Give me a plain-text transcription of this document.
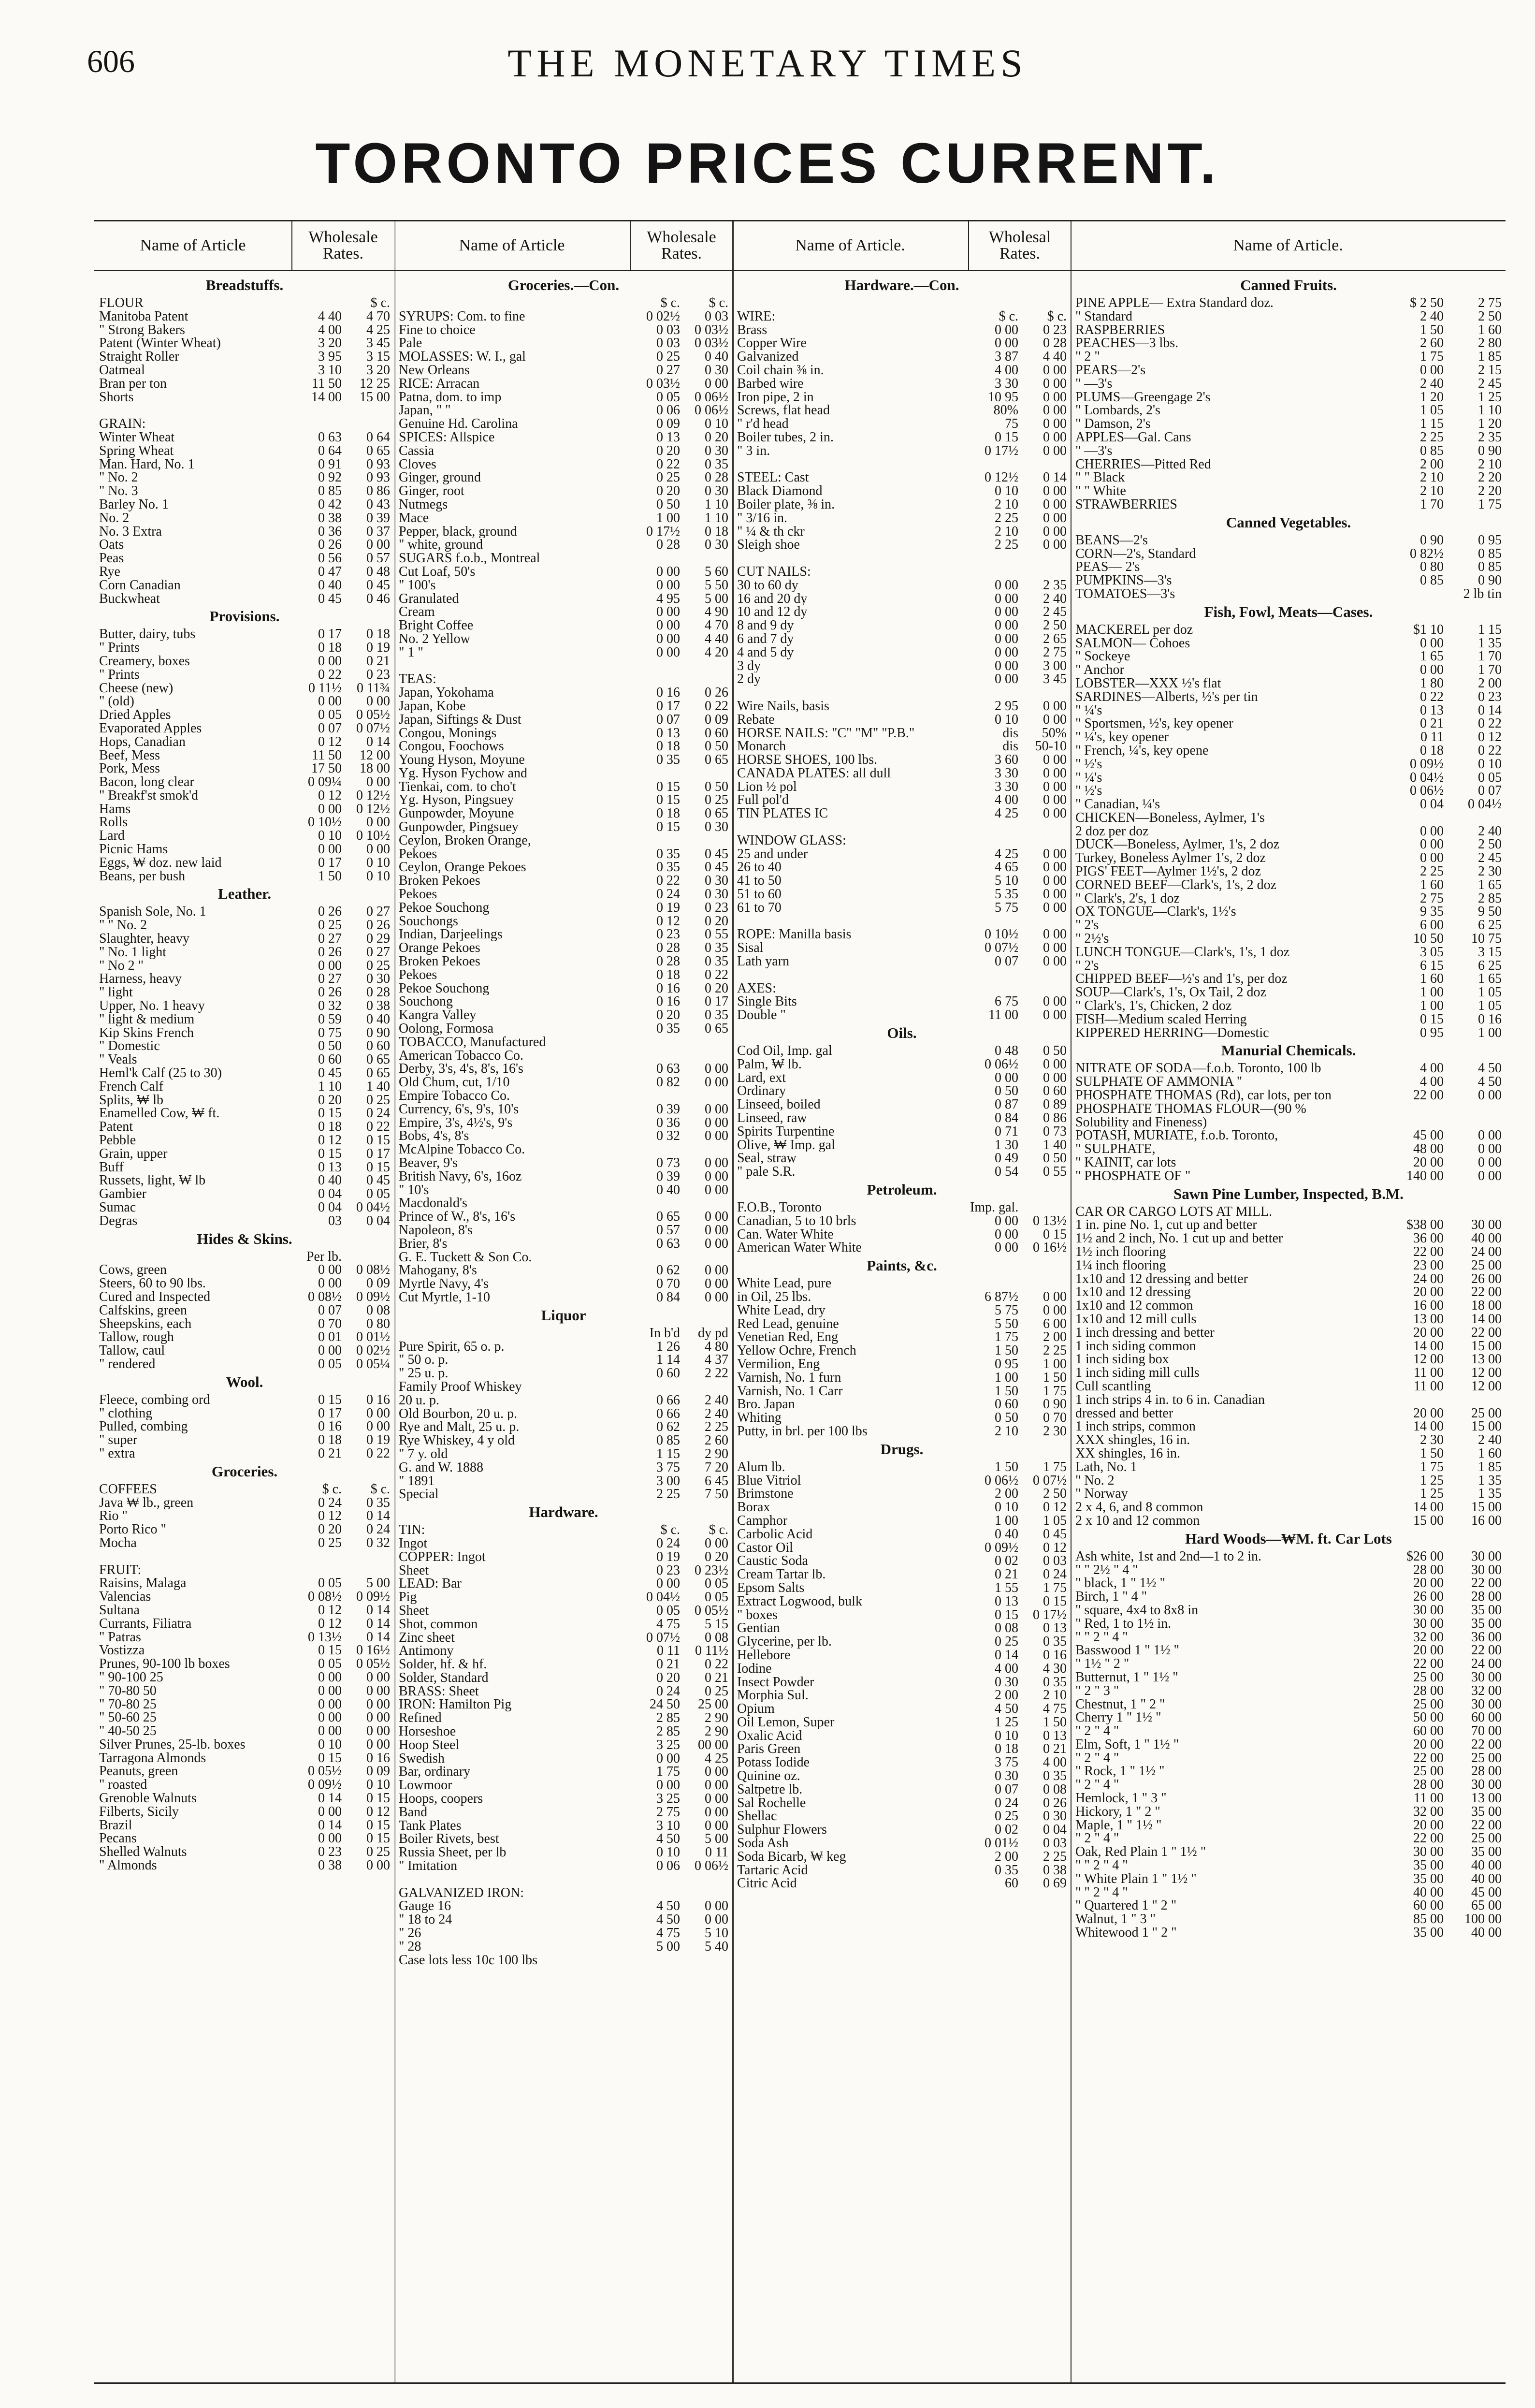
606	THE MONETARY TIMES
TORONTO PRICES CURRENT.
Name of Article	Wholesale Rates.
Breadstuffs.
FLOUR	$ c.
Manitoba Patent	4 40	4 70
" Strong Bakers	4 00	4 25
Patent (Winter Wheat)	3 20	3 45
Straight Roller	3 95	3 15
Oatmeal	3 10	3 20
Bran per ton	11 50	12 25
Shorts	14 00	15 00
GRAIN:
Winter Wheat	0 63	0 64
Spring Wheat	0 64	0 65
Man. Hard, No. 1	0 91	0 93
" No. 2	0 92	0 93
" No. 3	0 85	0 86
Barley No. 1	0 42	0 43
No. 2	0 38	0 39
No. 3 Extra	0 36	0 37
Oats	0 26	0 00
Peas	0 56	0 57
Rye	0 47	0 48
Corn Canadian	0 40	0 45
Buckwheat	0 45	0 46
Provisions.
Butter, dairy, tubs	0 17	0 18
" Prints	0 18	0 19
Creamery, boxes	0 00	0 21
" Prints	0 22	0 23
Cheese (new)	0 11½	0 11¾
" (old)	0 00	0 00
Dried Apples	0 05	0 05½
Evaporated Apples	0 07	0 07½
Hops, Canadian	0 12	0 14
Beef, Mess	11 50	12 00
Pork, Mess	17 50	18 00
Bacon, long clear	0 09¼	0 00
" Breakf'st smok'd	0 12	0 12½
Hams	0 00	0 12½
Rolls	0 10½	0 00
Lard	0 10	0 10½
Picnic Hams	0 00	0 00
Eggs, ₩ doz. new laid	0 17	0 10
Beans, per bush	1 50	0 10
Leather.
Spanish Sole, No. 1	0 26	0 27
" " No. 2	0 25	0 26
Slaughter, heavy	0 27	0 29
" No. 1 light	0 26	0 27
" No 2 "	0 00	0 25
Harness, heavy	0 27	0 30
" light	0 26	0 28
Upper, No. 1 heavy	0 32	0 38
" light & medium	0 59	0 40
Kip Skins French	0 75	0 90
" Domestic	0 50	0 60
" Veals	0 60	0 65
Heml'k Calf (25 to 30)	0 45	0 65
French Calf	1 10	1 40
Splits, ₩ lb	0 20	0 25
Enamelled Cow, ₩ ft.	0 15	0 24
Patent	0 18	0 22
Pebble	0 12	0 15
Grain, upper	0 15	0 17
Buff	0 13	0 15
Russets, light, ₩ lb	0 40	0 45
Gambier	0 04	0 05
Sumac	0 04	0 04½
Degras	03	0 04
Hides & Skins.
Per lb.
Cows, green	0 00	0 08½
Steers, 60 to 90 lbs.	0 00	0 09
Cured and Inspected	0 08½	0 09½
Calfskins, green	0 07	0 08
Sheepskins, each	0 70	0 80
Tallow, rough	0 01	0 01½
Tallow, caul	0 00	0 02½
" rendered	0 05	0 05¼
Wool.
Fleece, combing ord	0 15	0 16
" clothing	0 17	0 00
Pulled, combing	0 16	0 00
" super	0 18	0 19
" extra	0 21	0 22
Groceries.
COFFEES	$ c.	$ c.
Java ₩ lb., green	0 24	0 35
Rio "	0 12	0 14
Porto Rico "	0 20	0 24
Mocha	0 25	0 32
FRUIT:
Raisins, Malaga	0 05	5 00
Valencias	0 08½	0 09½
Sultana	0 12	0 14
Currants, Filiatra	0 12	0 14
" Patras	0 13½	0 14
Vostizza	0 15	0 16½
Prunes, 90-100 lb boxes	0 05	0 05½
" 90-100 25	0 00	0 00
" 70-80 50	0 00	0 00
" 70-80 25	0 00	0 00
" 50-60 25	0 00	0 00
" 40-50 25	0 00	0 00
Silver Prunes, 25-lb. boxes	0 10	0 00
Tarragona Almonds	0 15	0 16
Peanuts, green	0 05½	0 09
" roasted	0 09½	0 10
Grenoble Walnuts	0 14	0 15
Filberts, Sicily	0 00	0 12
Brazil	0 14	0 15
Pecans	0 00	0 15
Shelled Walnuts	0 23	0 25
" Almonds	0 38	0 00
Name of Article	Wholesale Rates.
Groceries.—Con.
$ c.	$ c.
SYRUPS: Com. to fine	0 02½	0 03
Fine to choice	0 03	0 03½
Pale	0 03	0 03½
MOLASSES: W. I., gal	0 25	0 40
New Orleans	0 27	0 30
RICE: Arracan	0 03½	0 00
Patna, dom. to imp	0 05	0 06½
Japan, " "	0 06	0 06½
Genuine Hd. Carolina	0 09	0 10
SPICES: Allspice	0 13	0 20
Cassia	0 20	0 30
Cloves	0 22	0 35
Ginger, ground	0 25	0 28
Ginger, root	0 20	0 30
Nutmegs	0 50	1 10
Mace	1 00	1 10
Pepper, black, ground	0 17½	0 18
" white, ground	0 28	0 30
SUGARS f.o.b., Montreal
Cut Loaf, 50's	0 00	5 60
" 100's	0 00	5 50
Granulated	4 95	5 00
Cream	0 00	4 90
Bright Coffee	0 00	4 70
No. 2 Yellow	0 00	4 40
" 1 "	0 00	4 20
TEAS:
Japan, Yokohama	0 16	0 26
Japan, Kobe	0 17	0 22
Japan, Siftings & Dust	0 07	0 09
Congou, Monings	0 13	0 60
Congou, Foochows	0 18	0 50
Young Hyson, Moyune	0 35	0 65
Yg. Hyson Fychow and
Tienkai, com. to cho't	0 15	0 50
Yg. Hyson, Pingsuey	0 15	0 25
Gunpowder, Moyune	0 18	0 65
Gunpowder, Pingsuey	0 15	0 30
Ceylon, Broken Orange,
Pekoes	0 35	0 45
Ceylon, Orange Pekoes	0 35	0 45
Broken Pekoes	0 22	0 30
Pekoes	0 24	0 30
Pekoe Souchong	0 19	0 23
Souchongs	0 12	0 20
Indian, Darjeelings	0 23	0 55
Orange Pekoes	0 28	0 35
Broken Pekoes	0 28	0 35
Pekoes	0 18	0 22
Pekoe Souchong	0 16	0 20
Souchong	0 16	0 17
Kangra Valley	0 20	0 35
Oolong, Formosa	0 35	0 65
TOBACCO, Manufactured
American Tobacco Co.
Derby, 3's, 4's, 8's, 16's	0 63	0 00
Old Chum, cut, 1/10	0 82	0 00
Empire Tobacco Co.
Currency, 6's, 9's, 10's	0 39	0 00
Empire, 3's, 4½'s, 9's	0 36	0 00
Bobs, 4's, 8's	0 32	0 00
McAlpine Tobacco Co.
Beaver, 9's	0 73	0 00
British Navy, 6's, 16oz	0 39	0 00
" 10's	0 40	0 00
Macdonald's
Prince of W., 8's, 16's	0 65	0 00
Napoleon, 8's	0 57	0 00
Brier, 8's	0 63	0 00
G. E. Tuckett & Son Co.
Mahogany, 8's	0 62	0 00
Myrtle Navy, 4's	0 70	0 00
Cut Myrtle, 1-10	0 84	0 00
Liquor
In b'd	dy pd
Pure Spirit, 65 o. p.	1 26	4 80
" 50 o. p.	1 14	4 37
" 25 u. p.	0 60	2 22
Family Proof Whiskey
20 u. p.	0 66	2 40
Old Bourbon, 20 u. p.	0 66	2 40
Rye and Malt, 25 u. p.	0 62	2 25
Rye Whiskey, 4 y old	0 85	2 60
" 7 y. old	1 15	2 90
G. and W. 1888	3 75	7 20
" 1891	3 00	6 45
Special	2 25	7 50
Hardware.
TIN:	$ c.	$ c.
Ingot	0 24	0 00
COPPER: Ingot	0 19	0 20
Sheet	0 23	0 23½
LEAD: Bar	0 00	0 05
Pig	0 04½	0 05
Sheet	0 05	0 05½
Shot, common	4 75	5 15
Zinc sheet	0 07½	0 08
Antimony	0 11	0 11½
Solder, hf. & hf.	0 21	0 22
Solder, Standard	0 20	0 21
BRASS: Sheet	0 24	0 25
IRON: Hamilton Pig	24 50	25 00
Refined	2 85	2 90
Horseshoe	2 85	2 90
Hoop Steel	3 25	00 00
Swedish	0 00	4 25
Bar, ordinary	1 75	0 00
Lowmoor	0 00	0 00
Hoops, coopers	3 25	0 00
Band	2 75	0 00
Tank Plates	3 10	0 00
Boiler Rivets, best	4 50	5 00
Russia Sheet, per lb	0 10	0 11
" Imitation	0 06	0 06½
GALVANIZED IRON:
Gauge 16	4 50	0 00
" 18 to 24	4 50	0 00
" 26	4 75	5 10
" 28	5 00	5 40
Case lots less 10c 100 lbs
Name of Article.	Wholesal Rates.
Hardware.—Con.
WIRE:	$ c.	$ c.
Brass	0 00	0 23
Copper Wire	0 00	0 28
Galvanized	3 87	4 40
Coil chain ⅜ in.	4 00	0 00
Barbed wire	3 30	0 00
Iron pipe, 2 in	10 95	0 00
Screws, flat head	80%	0 00
" r'd head	75	0 00
Boiler tubes, 2 in.	0 15	0 00
" 3 in.	0 17½	0 00
STEEL: Cast	0 12½	0 14
Black Diamond	0 10	0 00
Boiler plate, ⅜ in.	2 10	0 00
" 3/16 in.	2 25	0 00
" ¼ & th ckr	2 10	0 00
Sleigh shoe	2 25	0 00
CUT NAILS:
30 to 60 dy	0 00	2 35
16 and 20 dy	0 00	2 40
10 and 12 dy	0 00	2 45
8 and 9 dy	0 00	2 50
6 and 7 dy	0 00	2 65
4 and 5 dy	0 00	2 75
3 dy	0 00	3 00
2 dy	0 00	3 45
Wire Nails, basis	2 95	0 00
Rebate	0 10	0 00
HORSE NAILS: "C" "M" "P.B."	dis	50%
Monarch	dis	50-10
HORSE SHOES, 100 lbs.	3 60	0 00
CANADA PLATES: all dull	3 30	0 00
Lion ½ pol	3 30	0 00
Full pol'd	4 00	0 00
TIN PLATES IC	4 25	0 00
WINDOW GLASS:
25 and under	4 25	0 00
26 to 40	4 65	0 00
41 to 50	5 10	0 00
51 to 60	5 35	0 00
61 to 70	5 75	0 00
ROPE: Manilla basis	0 10½	0 00
Sisal	0 07½	0 00
Lath yarn	0 07	0 00
AXES:
Single Bits	6 75	0 00
Double "	11 00	0 00
Oils.
Cod Oil, Imp. gal	0 48	0 50
Palm, ₩ lb.	0 06½	0 00
Lard, ext	0 00	0 00
Ordinary	0 50	0 60
Linseed, boiled	0 87	0 89
Linseed, raw	0 84	0 86
Spirits Turpentine	0 71	0 73
Olive, ₩ Imp. gal	1 30	1 40
Seal, straw	0 49	0 50
" pale S.R.	0 54	0 55
Petroleum.
F.O.B., Toronto	Imp. gal.
Canadian, 5 to 10 brls	0 00	0 13½
Can. Water White	0 00	0 15
American Water White	0 00	0 16½
Paints, &c.
White Lead, pure
in Oil, 25 lbs.	6 87½	0 00
White Lead, dry	5 75	0 00
Red Lead, genuine	5 50	6 00
Venetian Red, Eng	1 75	2 00
Yellow Ochre, French	1 50	2 25
Vermilion, Eng	0 95	1 00
Varnish, No. 1 furn	1 00	1 50
Varnish, No. 1 Carr	1 50	1 75
Bro. Japan	0 60	0 90
Whiting	0 50	0 70
Putty, in brl. per 100 lbs	2 10	2 30
Drugs.
Alum lb.	1 50	1 75
Blue Vitriol	0 06½	0 07½
Brimstone	2 00	2 50
Borax	0 10	0 12
Camphor	1 00	1 05
Carbolic Acid	0 40	0 45
Castor Oil	0 09½	0 12
Caustic Soda	0 02	0 03
Cream Tartar lb.	0 21	0 24
Epsom Salts	1 55	1 75
Extract Logwood, bulk	0 13	0 15
" boxes	0 15	0 17½
Gentian	0 08	0 13
Glycerine, per lb.	0 25	0 35
Hellebore	0 14	0 16
Iodine	4 00	4 30
Insect Powder	0 30	0 35
Morphia Sul.	2 00	2 10
Opium	4 50	4 75
Oil Lemon, Super	1 25	1 50
Oxalic Acid	0 10	0 13
Paris Green	0 18	0 21
Potass Iodide	3 75	4 00
Quinine oz.	0 30	0 35
Saltpetre lb.	0 07	0 08
Sal Rochelle	0 24	0 26
Shellac	0 25	0 30
Sulphur Flowers	0 02	0 04
Soda Ash	0 01½	0 03
Soda Bicarb, ₩ keg	2 00	2 25
Tartaric Acid	0 35	0 38
Citric Acid	60	0 69
Name of Article.
Canned Fruits.
PINE APPLE— Extra Standard doz.	$ 2 50	2 75
" Standard	2 40	2 50
RASPBERRIES	1 50	1 60
PEACHES—3 lbs.	2 60	2 80
" 2 "	1 75	1 85
PEARS—2's	0 00	2 15
" —3's	2 40	2 45
PLUMS—Greengage 2's	1 20	1 25
" Lombards, 2's	1 05	1 10
" Damson, 2's	1 15	1 20
APPLES—Gal. Cans	2 25	2 35
" —3's	0 85	0 90
CHERRIES—Pitted Red	2 00	2 10
" " Black	2 10	2 20
" " White	2 10	2 20
STRAWBERRIES	1 70	1 75
Canned Vegetables.
BEANS—2's	0 90	0 95
CORN—2's, Standard	0 82½	0 85
PEAS— 2's	0 80	0 85
PUMPKINS—3's	0 85	0 90
TOMATOES—3's	2 lb tin
Fish, Fowl, Meats—Cases.
MACKEREL per doz	$1 10	1 15
SALMON— Cohoes	0 00	1 35
" Sockeye	1 65	1 70
" Anchor	0 00	1 70
LOBSTER—XXX ½'s flat	1 80	2 00
SARDINES—Alberts, ½'s per tin	0 22	0 23
" ¼'s	0 13	0 14
" Sportsmen, ½'s, key opener	0 21	0 22
" ¼'s, key opener	0 11	0 12
" French, ¼'s, key opene	0 18	0 22
" ½'s	0 09½	0 10
" ¼'s	0 04½	0 05
" ½'s	0 06½	0 07
" Canadian, ¼'s	0 04	0 04½
CHICKEN—Boneless, Aylmer, 1's
2 doz per doz	0 00	2 40
DUCK—Boneless, Aylmer, 1's, 2 doz	0 00	2 50
Turkey, Boneless Aylmer 1's, 2 doz	0 00	2 45
PIGS' FEET—Aylmer 1½'s, 2 doz	2 25	2 30
CORNED BEEF—Clark's, 1's, 2 doz	1 60	1 65
" Clark's, 2's, 1 doz	2 75	2 85
OX TONGUE—Clark's, 1½'s	9 35	9 50
" 2's	6 00	6 25
" 2½'s	10 50	10 75
LUNCH TONGUE—Clark's, 1's, 1 doz	3 05	3 15
" 2's	6 15	6 25
CHIPPED BEEF—½'s and 1's, per doz	1 60	1 65
SOUP—Clark's, 1's, Ox Tail, 2 doz	1 00	1 05
" Clark's, 1's, Chicken, 2 doz	1 00	1 05
FISH—Medium scaled Herring	0 15	0 16
KIPPERED HERRING—Domestic	0 95	1 00
Manurial Chemicals.
NITRATE OF SODA—f.o.b. Toronto, 100 lb	4 00	4 50
SULPHATE OF AMMONIA "	4 00	4 50
PHOSPHATE THOMAS (Rd), car lots, per ton	22 00	0 00
PHOSPHATE THOMAS FLOUR—(90 %
Solubility and Fineness)
POTASH, MURIATE, f.o.b. Toronto,	45 00	0 00
" SULPHATE,	48 00	0 00
" KAINIT, car lots	20 00	0 00
" PHOSPHATE OF "	140 00	0 00
Sawn Pine Lumber, Inspected, B.M.
CAR OR CARGO LOTS AT MILL.
1 in. pine No. 1, cut up and better	$38 00	30 00
1½ and 2 inch, No. 1 cut up and better	36 00	40 00
1½ inch flooring	22 00	24 00
1¼ inch flooring	23 00	25 00
1x10 and 12 dressing and better	24 00	26 00
1x10 and 12 dressing	20 00	22 00
1x10 and 12 common	16 00	18 00
1x10 and 12 mill culls	13 00	14 00
1 inch dressing and better	20 00	22 00
1 inch siding common	14 00	15 00
1 inch siding box	12 00	13 00
1 inch siding mill culls	11 00	12 00
Cull scantling	11 00	12 00
1 inch strips 4 in. to 6 in. Canadian
dressed and better	20 00	25 00
1 inch strips, common	14 00	15 00
XXX shingles, 16 in.	2 30	2 40
XX shingles, 16 in.	1 50	1 60
Lath, No. 1	1 75	1 85
" No. 2	1 25	1 35
" Norway	1 25	1 35
2 x 4, 6, and 8 common	14 00	15 00
2 x 10 and 12 common	15 00	16 00
Hard Woods—₩M. ft. Car Lots
Ash white, 1st and 2nd—1 to 2 in.	$26 00	30 00
" " 2½ " 4 "	28 00	30 00
" black, 1 " 1½ "	20 00	22 00
Birch, 1 " 4 "	26 00	28 00
" square, 4x4 to 8x8 in	30 00	35 00
" Red, 1 to 1½ in.	30 00	35 00
" " 2 " 4 "	32 00	36 00
Basswood 1 " 1½ "	20 00	22 00
" 1½ " 2 "	22 00	24 00
Butternut, 1 " 1½ "	25 00	30 00
" 2 " 3 "	28 00	32 00
Chestnut, 1 " 2 "	25 00	30 00
Cherry 1 " 1½ "	50 00	60 00
" 2 " 4 "	60 00	70 00
Elm, Soft, 1 " 1½ "	20 00	22 00
" 2 " 4 "	22 00	25 00
" Rock, 1 " 1½ "	25 00	28 00
" 2 " 4 "	28 00	30 00
Hemlock, 1 " 3 "	11 00	13 00
Hickory, 1 " 2 "	32 00	35 00
Maple, 1 " 1½ "	20 00	22 00
" 2 " 4 "	22 00	25 00
Oak, Red Plain 1 " 1½ "	30 00	35 00
" " 2 " 4 "	35 00	40 00
" White Plain 1 " 1½ "	35 00	40 00
" " 2 " 4 "	40 00	45 00
" Quartered 1 " 2 "	60 00	65 00
Walnut, 1 " 3 "	85 00	100 00
Whitewood 1 " 2 "	35 00	40 00
